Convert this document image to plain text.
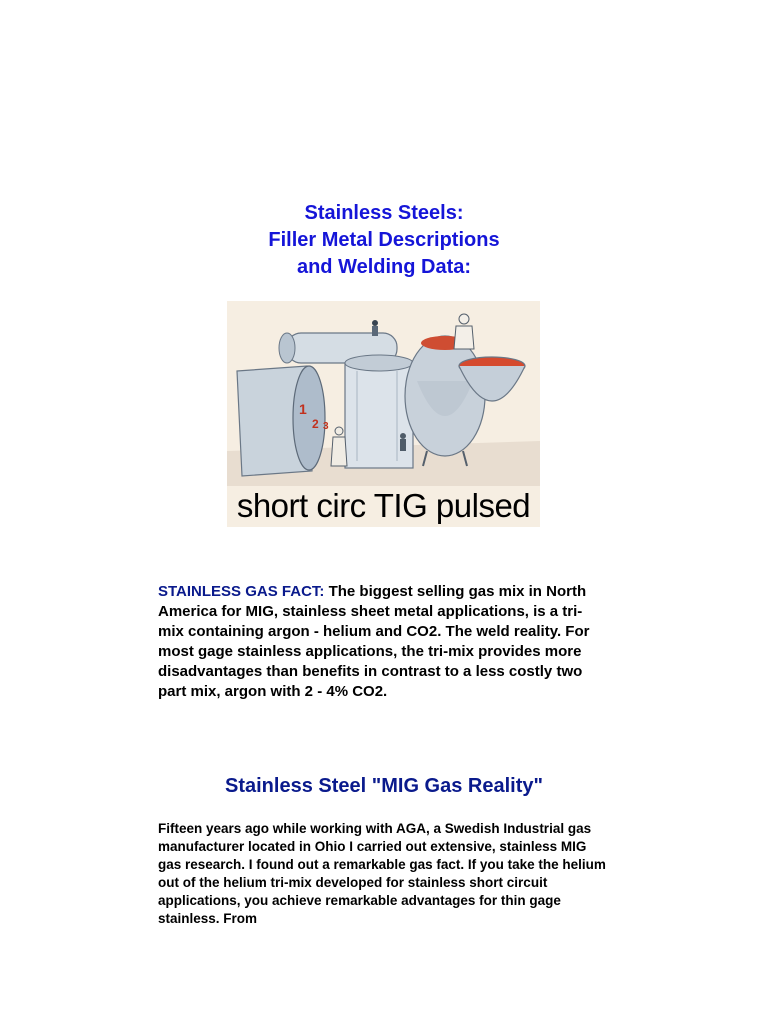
Stainless Steels:
Filler Metal Descriptions
and Welding Data:
1
2 3
short circ TIG pulsed
STAINLESS GAS FACT: The biggest selling gas mix in North America for MIG, stainless sheet metal applications, is a tri-mix containing argon - helium and CO2. The weld reality. For most gage stainless applications, the tri-mix provides more disadvantages than benefits in contrast to a less costly two part mix, argon with 2 - 4% CO2.
Stainless Steel "MIG Gas Reality"
Fifteen years ago while working with AGA, a Swedish Industrial gas manufacturer located in Ohio I carried out extensive, stainless MIG gas research. I found out a remarkable gas fact. If you take the helium out of the helium tri-mix developed for stainless short circuit applications, you achieve remarkable advantages for thin gage stainless. From
